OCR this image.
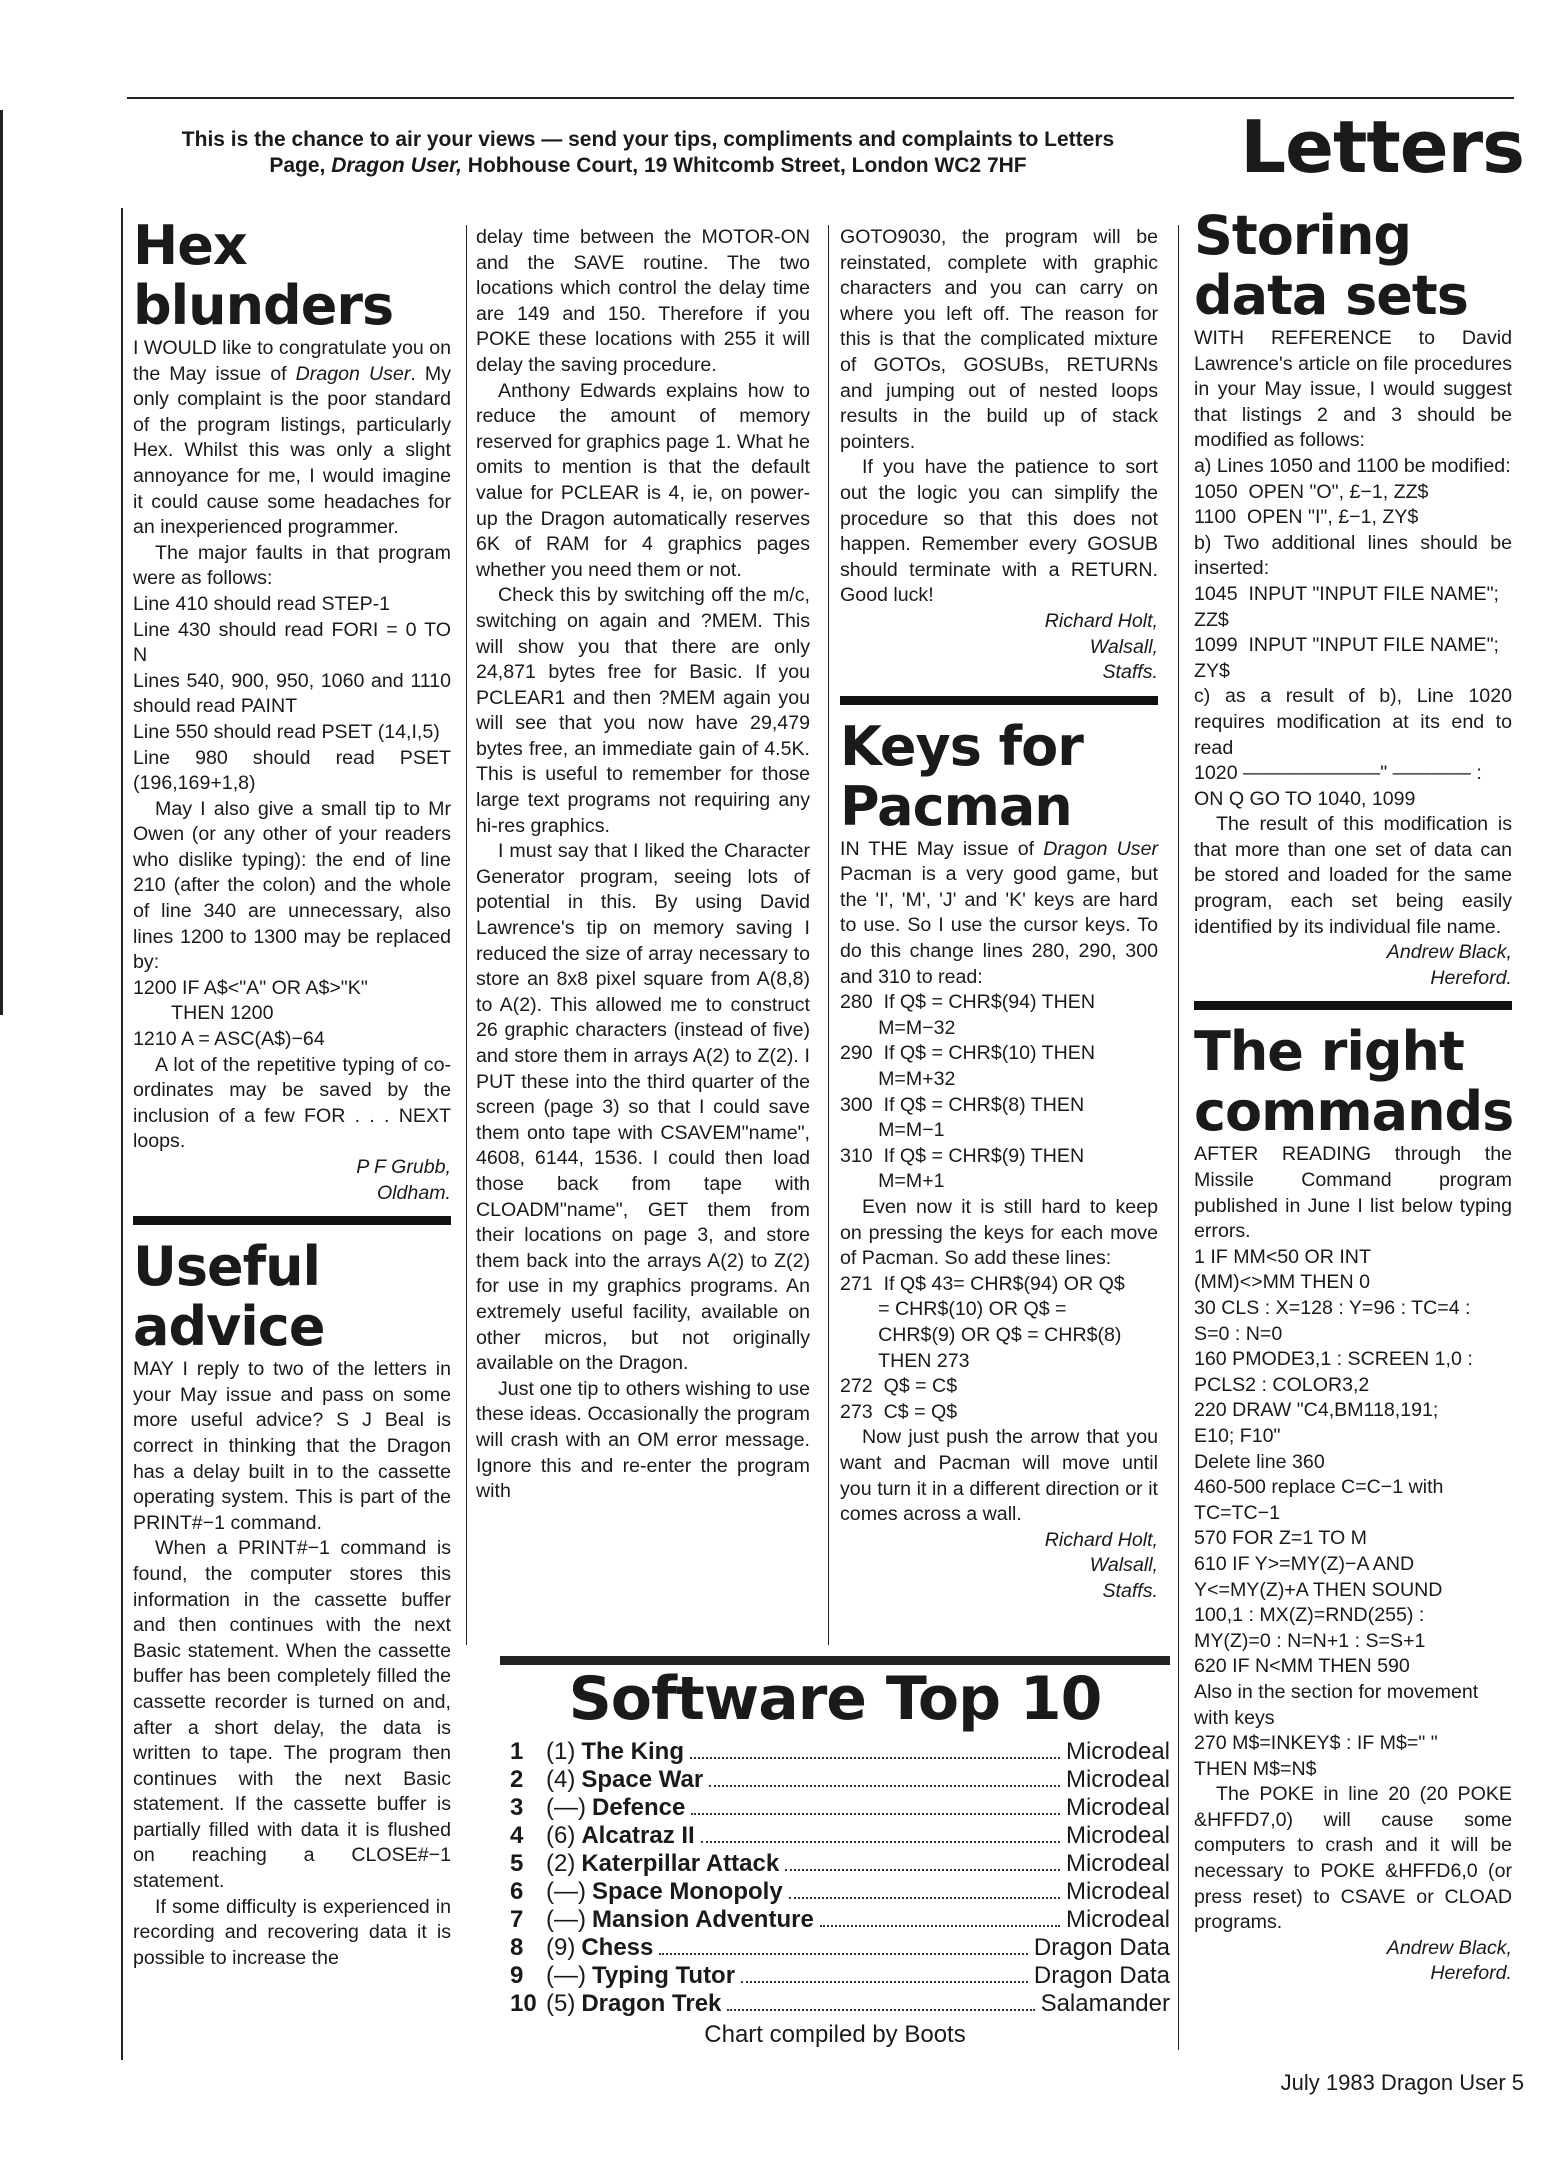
This is the chance to air your views — send your tips, compliments and complaints to Letters
Page, Dragon User, Hobhouse Court, 19 Whitcomb Street, London WC2 7HF	Letters

Hex blunders

I WOULD like to congratulate you on the May issue of Dragon User. My only complaint is the poor standard of the program listings, particularly Hex. Whilst this was only a slight annoyance for me, I would imagine it could cause some headaches for an inexperienced programmer.

The major faults in that program were as follows:

Line 410 should read STEP-1

Line 430 should read FORI = 0 TO N

Lines 540, 900, 950, 1060 and 1110 should read PAINT

Line 550 should read PSET (14,I,5)

Line 980 should read PSET (196,169+1,8)

May I also give a small tip to Mr Owen (or any other of your readers who dislike typing): the end of line 210 (after the colon) and the whole of line 340 are unnecessary, also lines 1200 to 1300 may be replaced by:

1200 IF A$<"A" OR A$>"K"
THEN 1200
1210 A = ASC(A$)−64

A lot of the repetitive typing of co-ordinates may be saved by the inclusion of a few FOR . . . NEXT loops.

P F Grubb,

Oldham.

Useful advice

MAY I reply to two of the letters in your May issue and pass on some more useful advice? S J Beal is correct in thinking that the Dragon has a delay built in to the cassette operating system. This is part of the PRINT#−1 command.

When a PRINT#−1 command is found, the computer stores this information in the cassette buffer and then continues with the next Basic statement. When the cassette buffer has been completely filled the cassette recorder is turned on and, after a short delay, the data is written to tape. The program then continues with the next Basic statement. If the cassette buffer is partially filled with data it is flushed on reaching a CLOSE#−1 statement.

If some difficulty is experienced in recording and recovering data it is possible to increase the

delay time between the MOTOR-ON and the SAVE routine. The two locations which control the delay time are 149 and 150. Therefore if you POKE these locations with 255 it will delay the saving procedure.

Anthony Edwards explains how to reduce the amount of memory reserved for graphics page 1. What he omits to mention is that the default value for PCLEAR is 4, ie, on power-up the Dragon automatically reserves 6K of RAM for 4 graphics pages whether you need them or not.

Check this by switching off the m/c, switching on again and ?MEM. This will show you that there are only 24,871 bytes free for Basic. If you PCLEAR1 and then ?MEM again you will see that you now have 29,479 bytes free, an immediate gain of 4.5K. This is useful to remember for those large text programs not requiring any hi-res graphics.

I must say that I liked the Character Generator program, seeing lots of potential in this. By using David Lawrence's tip on memory saving I reduced the size of array necessary to store an 8x8 pixel square from A(8,8) to A(2). This allowed me to construct 26 graphic characters (instead of five) and store them in arrays A(2) to Z(2). I PUT these into the third quarter of the screen (page 3) so that I could save them onto tape with CSAVEM"name", 4608, 6144, 1536. I could then load those back from tape with CLOADM"name", GET them from their locations on page 3, and store them back into the arrays A(2) to Z(2) for use in my graphics programs. An extremely useful facility, available on other micros, but not originally available on the Dragon.

Just one tip to others wishing to use these ideas. Occasionally the program will crash with an OM error message. Ignore this and re-enter the program with

GOTO9030, the program will be reinstated, complete with graphic characters and you can carry on where you left off. The reason for this is that the complicated mixture of GOTOs, GOSUBs, RETURNs and jumping out of nested loops results in the build up of stack pointers.

If you have the patience to sort out the logic you can simplify the procedure so that this does not happen. Remember every GOSUB should terminate with a RETURN. Good luck!

Richard Holt,

Walsall,

Staffs.

Keys for Pacman

IN THE May issue of Dragon User Pacman is a very good game, but the 'I', 'M', 'J' and 'K' keys are hard to use. So I use the cursor keys. To do this change lines 280, 290, 300 and 310 to read:

280  If Q$ = CHR$(94) THEN
M=M−32
290  If Q$ = CHR$(10) THEN
M=M+32
300  If Q$ = CHR$(8) THEN
M=M−1
310  If Q$ = CHR$(9) THEN
M=M+1

Even now it is still hard to keep on pressing the keys for each move of Pacman. So add these lines:

271  If Q$ 43= CHR$(94) OR Q$
= CHR$(10) OR Q$ =
CHR$(9) OR Q$ = CHR$(8)
THEN 273
272  Q$ = C$
273  C$ = Q$

Now just push the arrow that you want and Pacman will move until you turn it in a different direction or it comes across a wall.

Richard Holt,

Walsall,

Staffs.

Storing data sets

WITH REFERENCE to David Lawrence's article on file procedures in your May issue, I would suggest that listings 2 and 3 should be modified as follows:

a) Lines 1050 and 1100 be modified:

1050  OPEN "O", £−1, ZZ$
1100  OPEN "I", £−1, ZY$

b) Two additional lines should be inserted:

1045  INPUT "INPUT FILE NAME"; ZZ$
1099  INPUT "INPUT FILE NAME"; ZY$

c) as a result of b), Line 1020 requires modification at its end to read

1020 ———————" ———— : ON Q GO TO 1040, 1099

The result of this modification is that more than one set of data can be stored and loaded for the same program, each set being easily identified by its individual file name.

Andrew Black,

Hereford.

The right commands

AFTER READING through the Missile Command program published in June I list below typing errors.

1 IF MM<50 OR INT
(MM)<>MM THEN 0
30 CLS : X=128 : Y=96 : TC=4 :
S=0 : N=0
160 PMODE3,1 : SCREEN 1,0 :
PCLS2 : COLOR3,2
220 DRAW "C4,BM118,191;
E10; F10"
Delete line 360
460-500 replace C=C−1 with
TC=TC−1
570 FOR Z=1 TO M
610 IF Y>=MY(Z)−A AND
Y<=MY(Z)+A THEN SOUND
100,1 : MX(Z)=RND(255) :
MY(Z)=0 : N=N+1 : S=S+1
620 IF N<MM THEN 590
Also in the section for movement
with keys
270 M$=INKEY$ : IF M$=" "
THEN M$=N$

The POKE in line 20 (20 POKE &HFFD7,0) will cause some computers to crash and it will be necessary to POKE &HFFD6,0 (or press reset) to CSAVE or CLOAD programs.

Andrew Black,

Hereford.

Software Top 10
1 (1) The King	Microdeal
2 (4) Space War	Microdeal
3 (—) Defence	Microdeal
4 (6) Alcatraz II	Microdeal
5 (2) Katerpillar Attack	Microdeal
6 (—) Space Monopoly	Microdeal
7 (—) Mansion Adventure	Microdeal
8 (9) Chess	Dragon Data
9 (—) Typing Tutor	Dragon Data
10 (5) Dragon Trek	Salamander
Chart compiled by Boots
July 1983 Dragon User 5
